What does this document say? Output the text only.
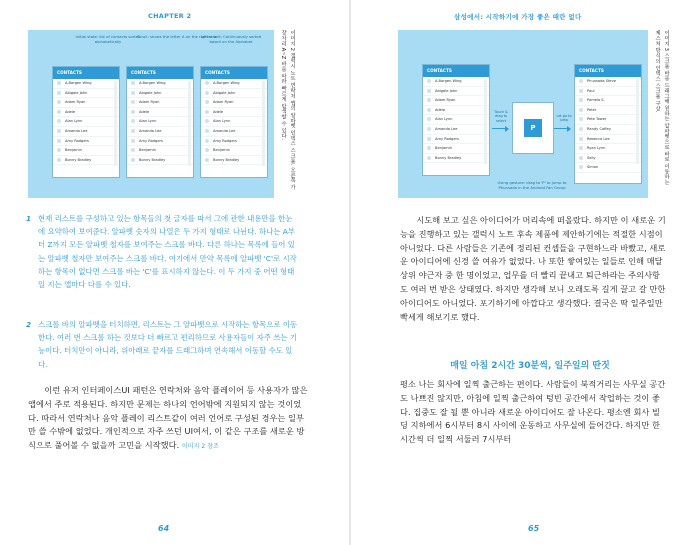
CHAPTER 2
Initial state: list of contacts sorted alphabetically
Scroll: shows the letter A on the right side
Letter sort: Continuously sorted based on the Alphabet
CONTACTS
A.Borgen Wing
Abigale John
Adam Ryan
Adele
Alan Lynn
Amanda Lee
Amy Rodgers
Benjamin
Bonny Bradley
CONTACTS
A.Borgen Wing
Abigale John
Adam Ryan
Adele
Alan Lynn
Amanda Lee
Amy Rodgers
Benjamin
Bonny Bradley
CONTACTS
A.Borgen Wing
Abigale John
Adam Ryan
Adele
Alan Lynn
Amanda Lee
Amy Rodgers
Benjamin
Bonny Bradley	이미지 2 갤럭시 노트 연락처 앱의 알파벳 인덱스 스크롤. 오른쪽 가장자리 A~Z 바를 따라 빠르게 탐색할 수 있다.
1 현재 리스트를 구성하고 있는 항목들의 첫 글자를 따서 그에 관한 내용만을 한눈에 요약하여 보여준다. 알파벳 숫자의 나열은 두 가지 형태로 나뉜다. 하나는 A부터 Z까지 모든 알파벳 철자를 보여주는 스크롤 바다. 다른 하나는 목록에 들어 있는 알파벳 철자만 보여주는 스크롤 바다. 여기에서 만약 목록에 알파벳 'C'로 시작하는 항목이 없다면 스크롤 바는 'C'를 표시하지 않는다. 이 두 가지 중 어떤 형태일 지는 앱마다 다를 수 있다.
2 스크롤 바의 알파벳을 터치하면, 리스트는 그 알파벳으로 시작하는 항목으로 이동한다. 여러 번 스크롤 하는 것보다 더 빠르고 편리하므로 사용자들이 자주 쓰는 기능이다. 터치만이 아니라, 위아래로 끝자를 드래그하며 연속해서 이동할 수도 있다.
이런 유저 인터페이스UI 패턴은 연락처와 음악 플레이어 등 사용자가 많은 앱에서 주로 적용된다. 하지만 문제는 하나의 언어밖에 지원되지 않는 것이었다. 따라서 연락처나 음악 플레이 리스트같이 여러 언어로 구성된 경우는 일부만 쓸 수밖에 없었다. 개인적으로 자주 쓰던 UI여서, 이 같은 구조를 새로운 방식으로 풀어볼 수 없을까 고민을 시작했다. 이미지 2 참조
64
삼성에서: 시작하기에 가장 좋은 때란 없다
CONTACTS
A.Borgen Wing
Abigale John
Adam Ryan
Adele
Alan Lynn
Amanda Lee
Amy Rodgers
Benjamin
Bonny Bradley
Touch & drag to select
P
Let go to jump
CONTACTS
Phunsada Steve
Paul
Pamela S.
Peter
Pete Tower
Randy Coffey
Rebecca Lee
Ryan Lynn
Sally
Simon
Using gesture: drag to 'P' to jump to Phunsada in the Android Fan Group
이미지 3 스크롤 바를 드래그해 원하는 알파벳으로 바로 이동하는 제스처 방식의 인덱스 스크롤 구상.
시도해 보고 싶은 아이디어가 머리속에 떠올랐다. 하지만 이 새로운 기능을 진행하고 있는 갤럭시 노트 후속 제품에 제안하기에는 적절한 시점이 아니었다. 다른 사람들은 기존에 정리된 컨셉들을 구현하느라 바빴고, 새로운 아이디어에 신경 쓸 여유가 없었다. 나 또한 쌓여있는 일들로 인해 매달 상위 야근자 중 한 명이었고, 업무를 더 빨리 끝내고 퇴근하라는 주의사항도 여러 번 받은 상태였다. 하지만 생각해 보니 오래도록 길게 끌고 갈 만한 아이디어도 아니었다. 포기하기에 아깝다고 생각했다. 결국은 딱 일주일만 빡세게 해보기로 했다.
매일 아침 2시간 30분씩, 일주일의 딴짓
평소 나는 회사에 일찍 출근하는 편이다. 사람들이 북적거리는 사무실 공간도 나쁘진 않지만, 아침에 일찍 출근하여 텅빈 공간에서 작업하는 것이 좋다. 집중도 잘 될 뿐 아니라 새로운 아이디어도 잘 나온다. 평소엔 회사 빌딩 지하에서 6시부터 8시 사이에 운동하고 사무실에 들어간다. 하지만 한 시간씩 더 일찍 서둘러 7시부터
65
